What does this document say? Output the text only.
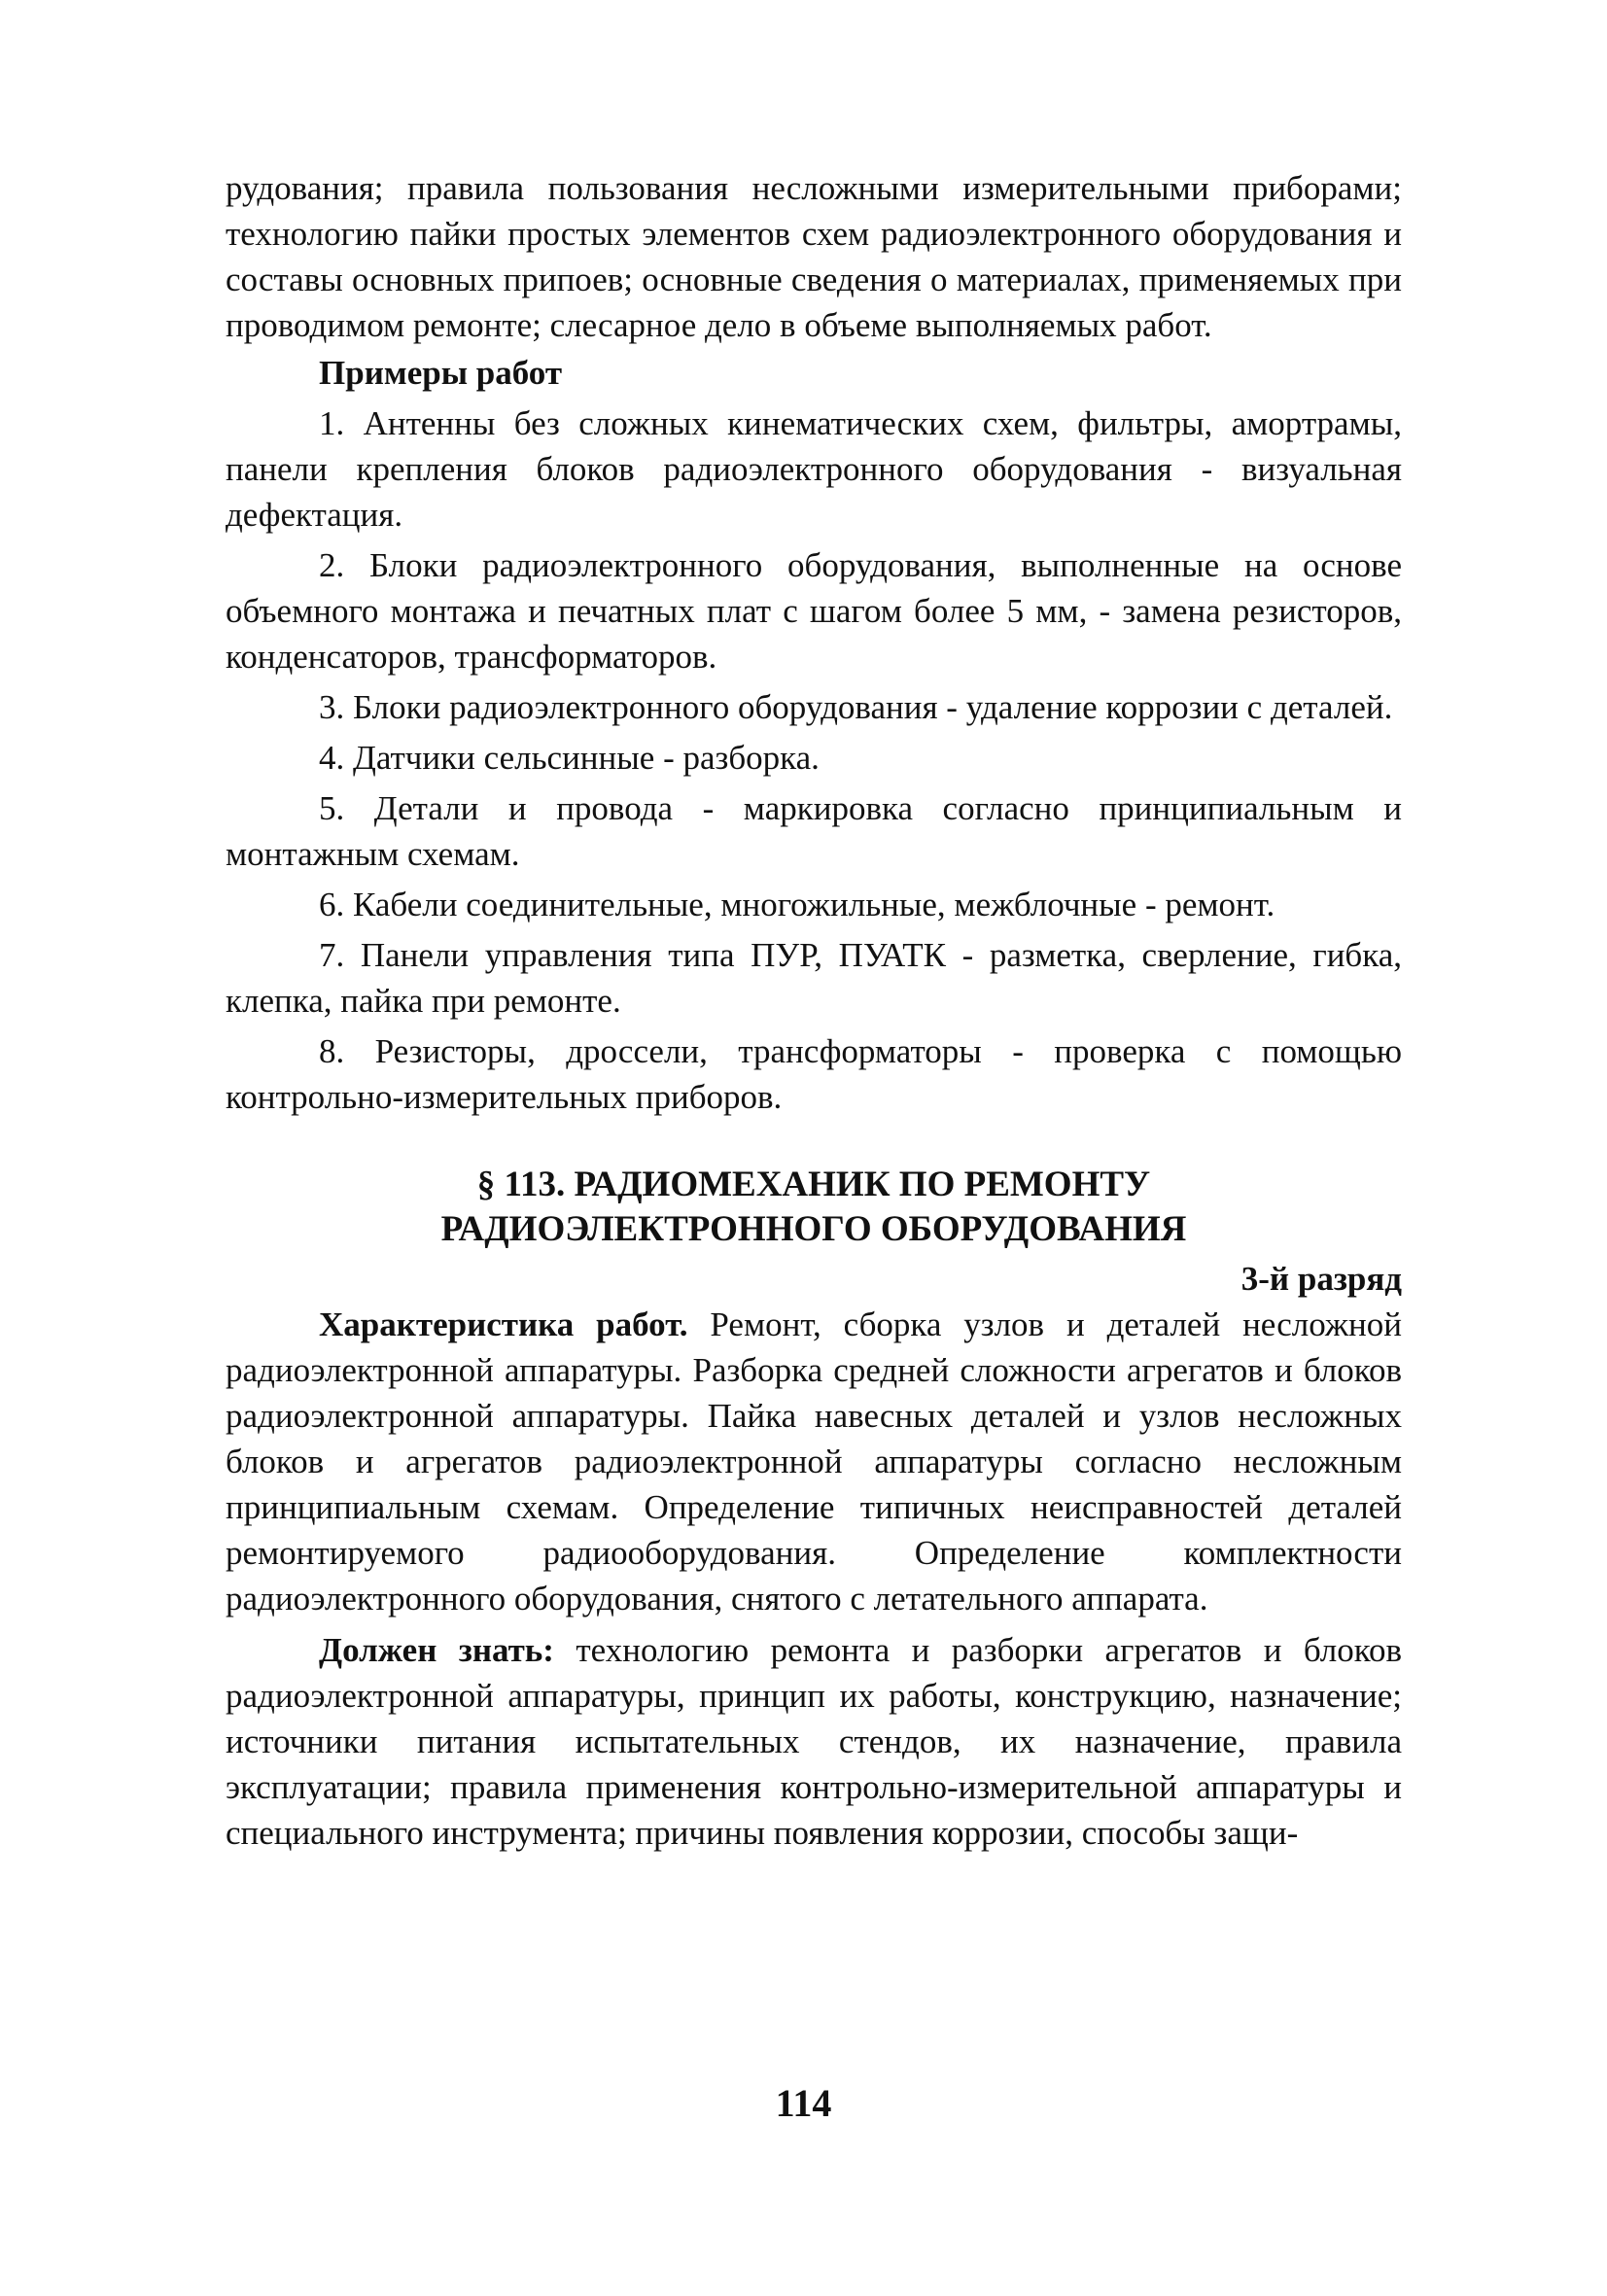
рудования; правила пользования несложными измерительными приборами; технологию пайки простых элементов схем радиоэлектронного оборудования и составы основных припоев; основные сведения о материалах, применяемых при проводимом ремонте; слесарное дело в объеме выполняемых работ.

Примеры работ

1. Антенны без сложных кинематических схем, фильтры, амортрамы, панели крепления блоков радиоэлектронного оборудования - визуальная дефектация.

2. Блоки радиоэлектронного оборудования, выполненные на основе объемного монтажа и печатных плат с шагом более 5 мм, - замена резисторов, конденсаторов, трансформаторов.

3. Блоки радиоэлектронного оборудования - удаление коррозии с деталей.

4. Датчики сельсинные - разборка.

5. Детали и провода - маркировка согласно принципиальным и монтажным схемам.

6. Кабели соединительные, многожильные, межблочные - ремонт.

7. Панели управления типа ПУР, ПУАТК - разметка, сверление, гибка, клепка, пайка при ремонте.

8. Резисторы, дроссели, трансформаторы - проверка с помощью контрольно-измерительных приборов.

§ 113. РАДИОМЕХАНИК ПО РЕМОНТУ
РАДИОЭЛЕКТРОННОГО ОБОРУДОВАНИЯ

3-й разряд

Характеристика работ. Ремонт, сборка узлов и деталей несложной радиоэлектронной аппаратуры. Разборка средней сложности агрегатов и блоков радиоэлектронной аппаратуры. Пайка навесных деталей и узлов несложных блоков и агрегатов радиоэлектронной аппаратуры согласно несложным принципиальным схемам. Определение типичных неисправностей деталей ремонтируемого радиооборудования. Определение комплектности радиоэлектронного оборудования, снятого с летательного аппарата.

Должен знать: технологию ремонта и разборки агрегатов и блоков радиоэлектронной аппаратуры, принцип их работы, конструкцию, назначение; источники питания испытательных стендов, их назначение, правила эксплуатации; правила применения контрольно-измерительной аппаратуры и специального инструмента; причины появления коррозии, способы защи-

114
